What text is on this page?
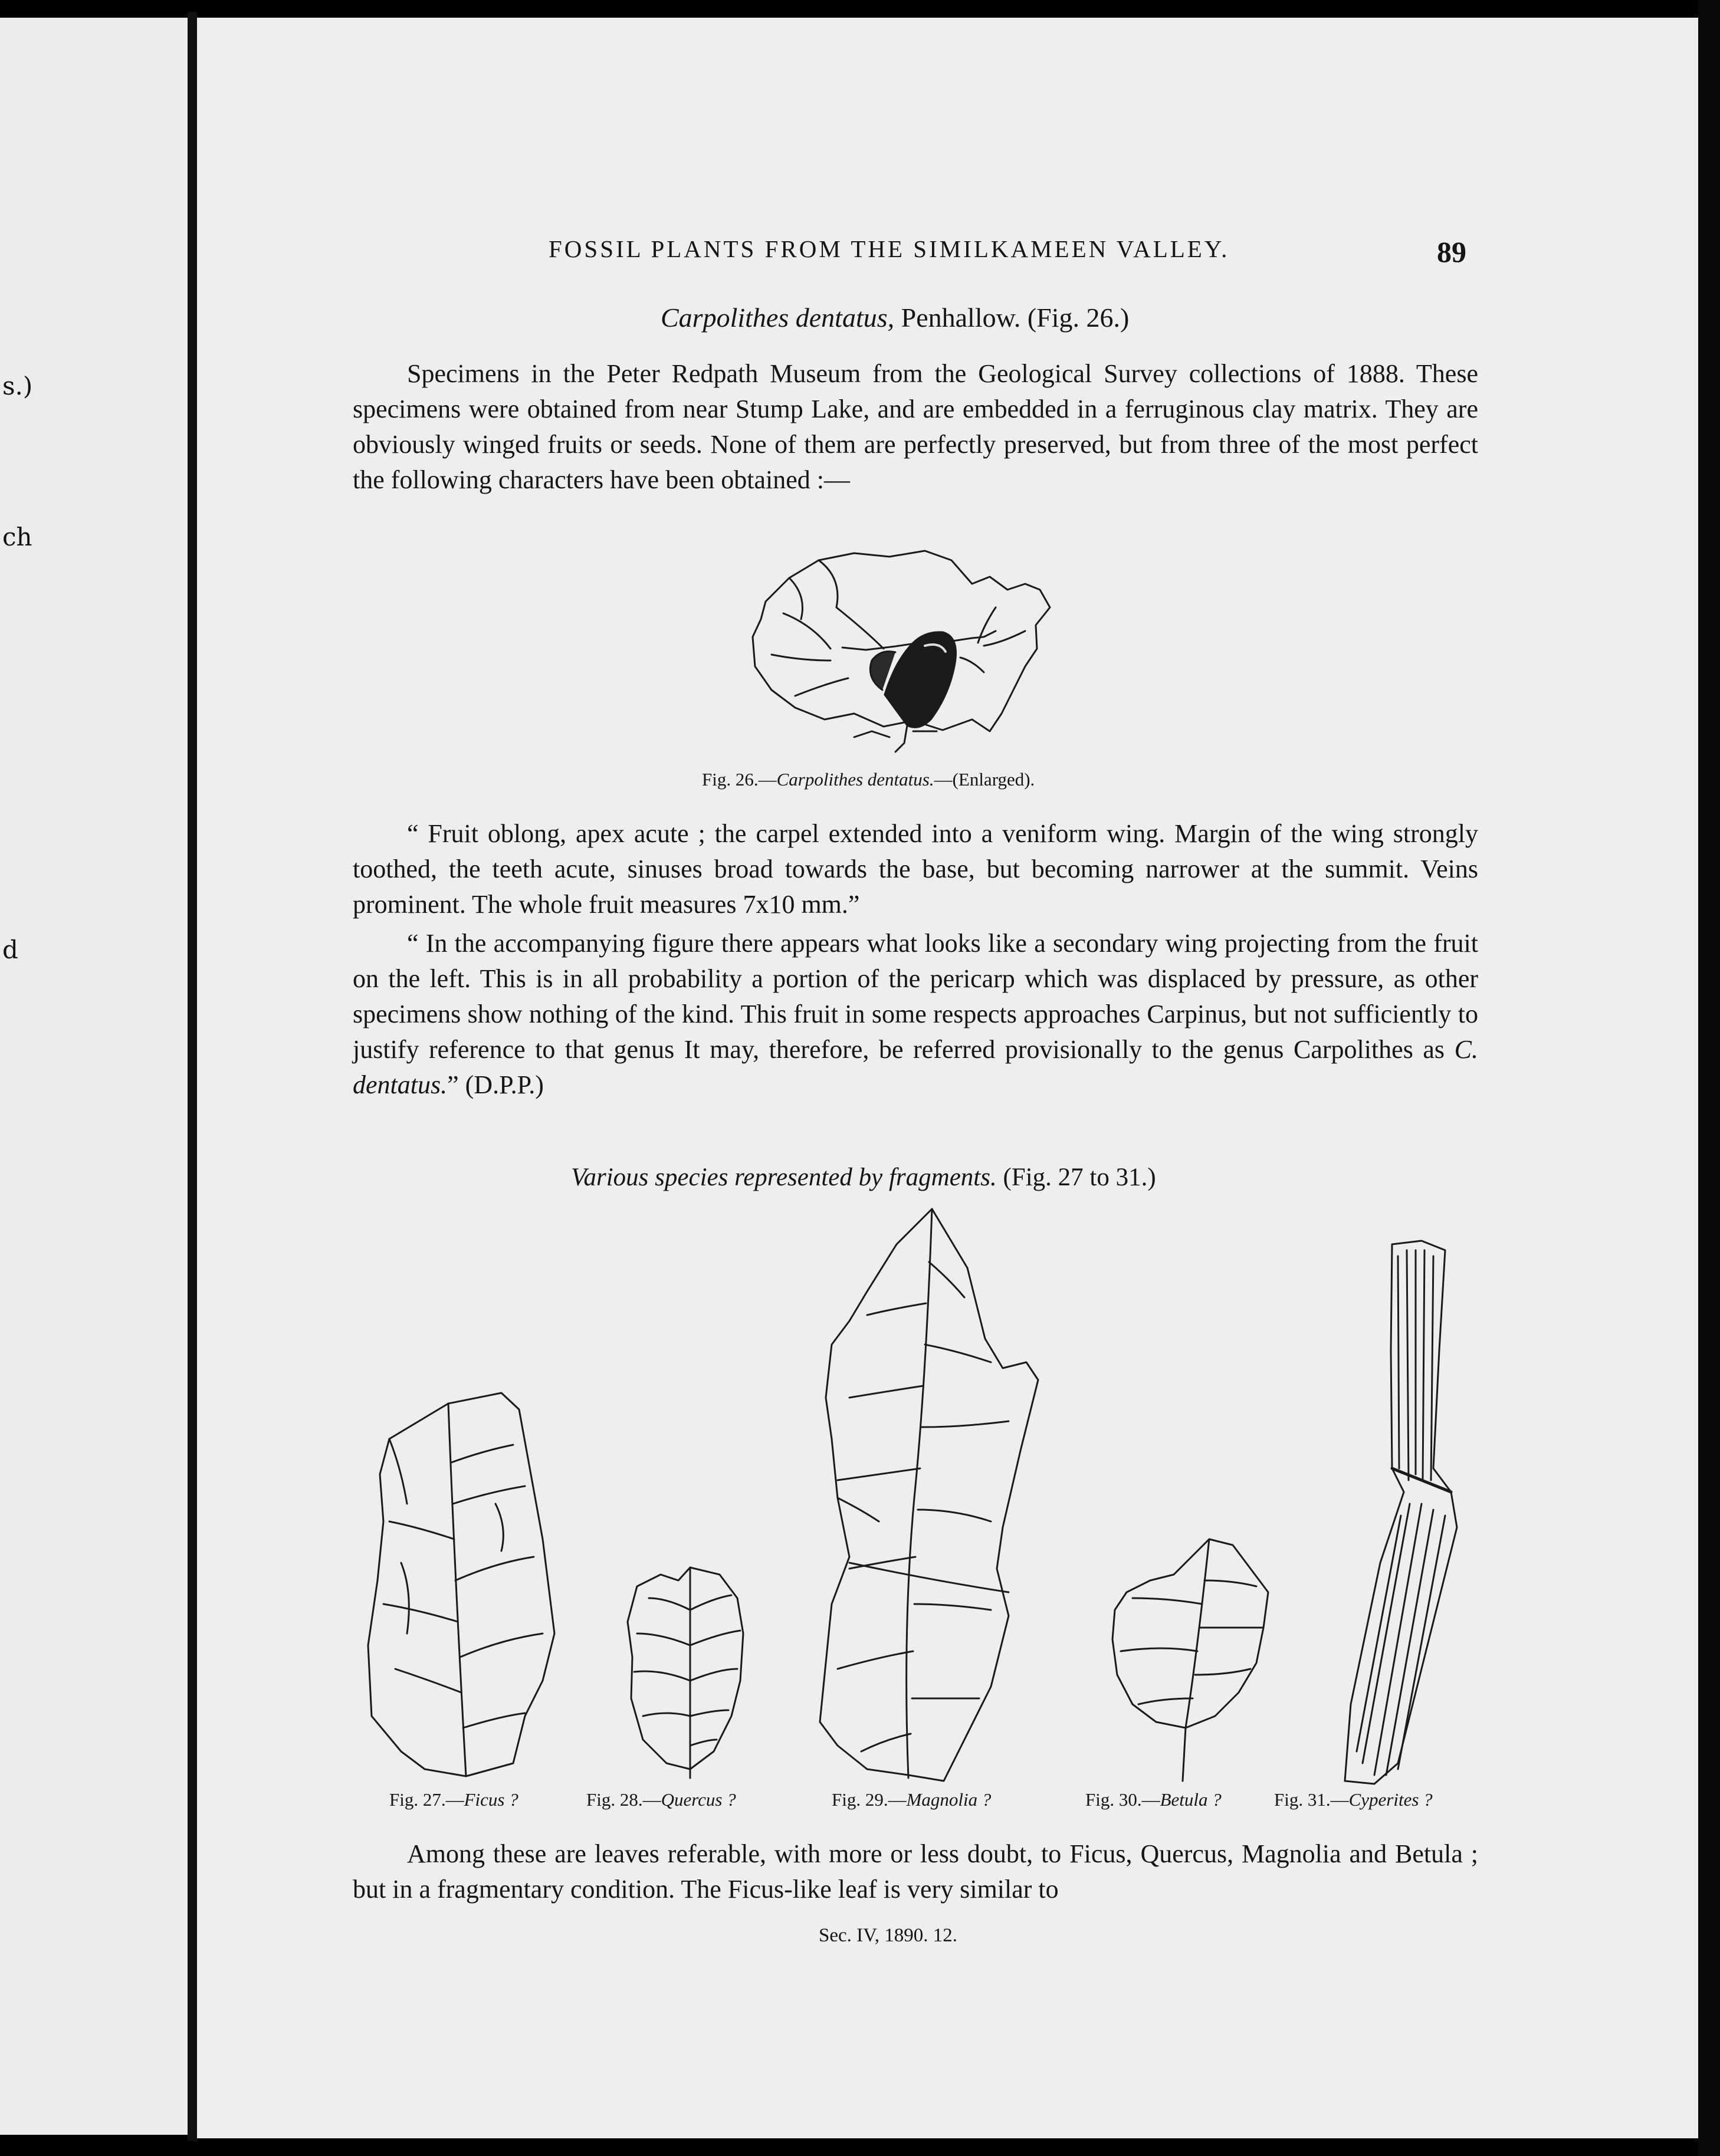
s.)
ch
d
FOSSIL PLANTS FROM THE SIMILKAMEEN VALLEY.	89
Carpolithes dentatus, Penhallow. (Fig. 26.)

Specimens in the Peter Redpath Museum from the Geological Survey collections of 1888. These specimens were obtained from near Stump Lake, and are embedded in a ferruginous clay matrix. They are obviously winged fruits or seeds. None of them are perfectly preserved, but from three of the most perfect the following characters have been obtained :—

Fig. 26.—Carpolithes dentatus.—(Enlarged).

“ Fruit oblong, apex acute ; the carpel extended into a veniform wing. Margin of the wing strongly toothed, the teeth acute, sinuses broad towards the base, but becoming narrower at the summit. Veins prominent. The whole fruit measures 7x10 mm.”

“ In the accompanying figure there appears what looks like a secondary wing projecting from the fruit on the left. This is in all probability a portion of the pericarp which was displaced by pressure, as other specimens show nothing of the kind. This fruit in some respects approaches Carpinus, but not sufficiently to justify reference to that genus It may, therefore, be referred provisionally to the genus Carpolithes as C. dentatus.” (D.P.P.)

Various species represented by fragments. (Fig. 27 to 31.)
Fig. 27.—Ficus ?	Fig. 28.—Quercus ?	Fig. 29.—Magnolia ?	Fig. 30.—Betula ?	Fig. 31.—Cyperites ?

Among these are leaves referable, with more or less doubt, to Ficus, Quercus, Magnolia and Betula ; but in a fragmentary condition. The Ficus-like leaf is very similar to

Sec. IV, 1890. 12.
